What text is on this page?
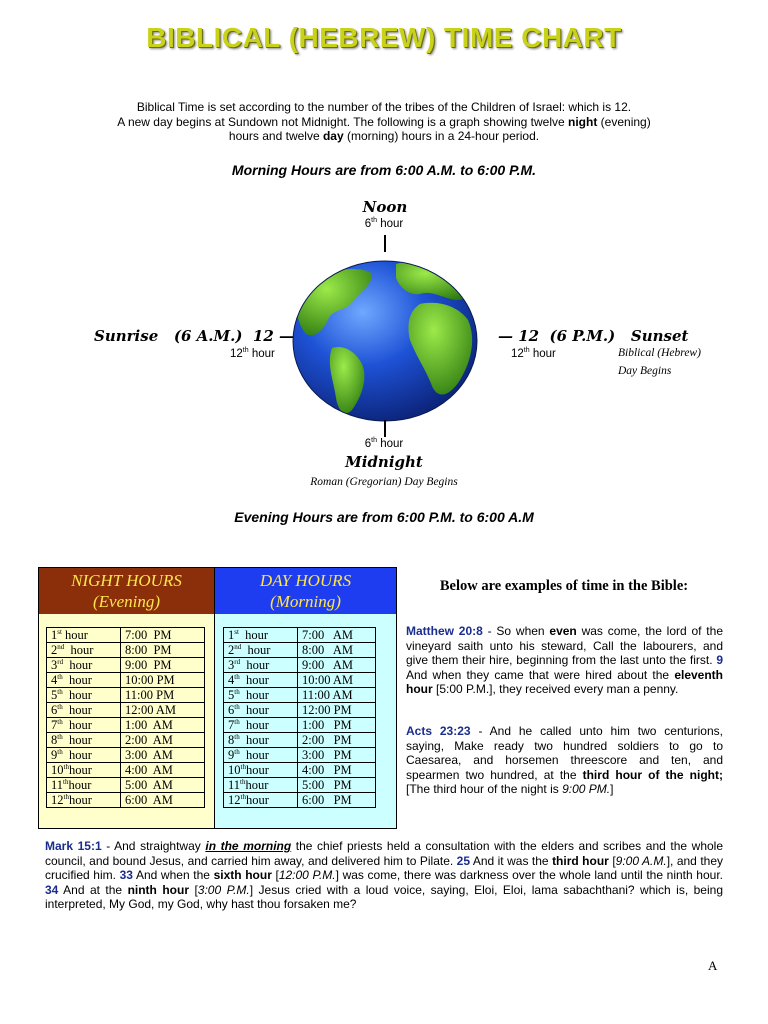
BIBLICAL (HEBREW) TIME CHART
Biblical Time is set according to the number of the tribes of the Children of Israel: which is 12.
A new day begins at Sundown not Midnight. The following is a graph showing twelve night (evening)
hours and twelve day (morning) hours in a 24-hour period.
Morning Hours are from 6:00 A.M. to 6:00 P.M.
Noon
6th hour
Sunrise   (6 A.M.)  12 —
12th hour
— 12  (6 P.M.)   Sunset
12th hour	Biblical (Hebrew)
Day Begins
6th hour
Midnight
Roman (Gregorian) Day Begins
Evening Hours are from 6:00 P.M. to 6:00 A.M
NIGHT HOURS
(Evening)
1st hour	7:00  PM
2nd  hour	8:00  PM
3rd  hour	9:00  PM
4th  hour	10:00 PM
5th  hour	11:00 PM
6th  hour	12:00 AM
7th  hour	1:00  AM
8th  hour	2:00  AM
9th  hour	3:00  AM
10thhour	4:00  AM
11thhour	5:00  AM
12thhour	6:00  AM
DAY HOURS
(Morning)
1st  hour	7:00   AM
2nd  hour	8:00   AM
3rd  hour	9:00   AM
4th  hour	10:00 AM
5th  hour	11:00 AM
6th  hour	12:00 PM
7th  hour	1:00   PM
8th  hour	2:00   PM
9th  hour	3:00   PM
10thhour	4:00   PM
11thhour	5:00   PM
12thhour	6:00   PM
Below are examples of time in the Bible:
Matthew 20:8 - So when even was come, the lord of the vineyard saith unto his steward, Call the labourers, and give them their hire, beginning from the last unto the first. 9 And when they came that were hired about the eleventh hour [5:00 P.M.], they received every man a penny.
Acts 23:23 - And he called unto him two centurions, saying, Make ready two hundred soldiers to go to Caesarea, and horsemen threescore and ten, and spearmen two hundred, at the third hour of the night; [The third hour of the night is 9:00 PM.]
Mark 15:1 - And straightway in the morning the chief priests held a consultation with the elders and scribes and the whole council, and bound Jesus, and carried him away, and delivered him to Pilate. 25 And it was the third hour [9:00 A.M.], and they crucified him. 33 And when the sixth hour [12:00 P.M.] was come, there was darkness over the whole land until the ninth hour. 34 And at the ninth hour [3:00 P.M.] Jesus cried with a loud voice, saying, Eloi, Eloi, lama sabachthani? which is, being interpreted, My God, my God, why hast thou forsaken me?
A
